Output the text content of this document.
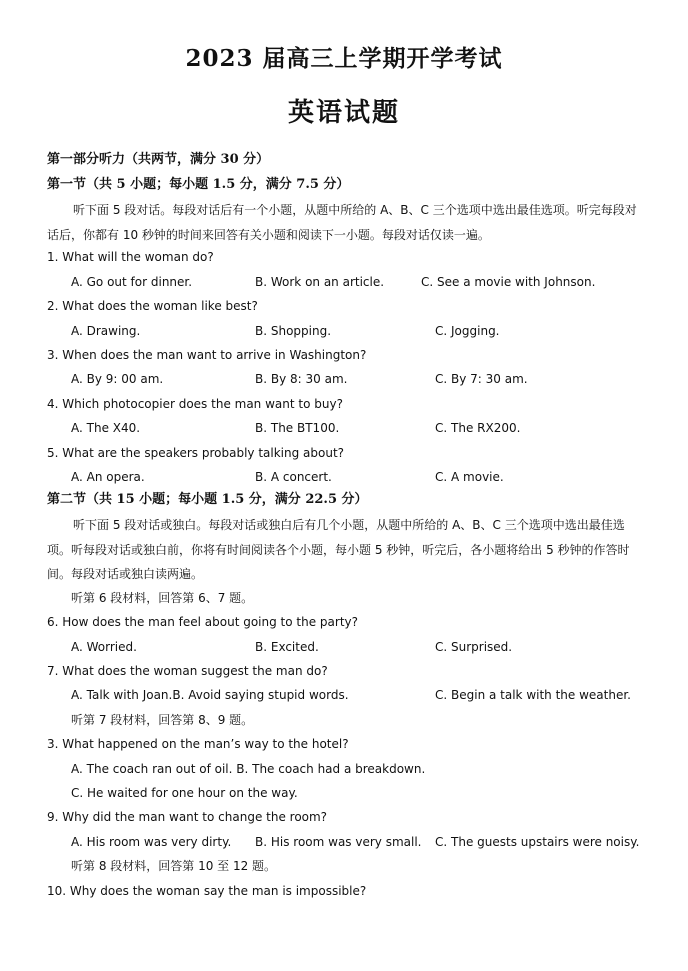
2023 届高三上学期开学考试
英语试题
第一部分听力（共两节，满分 30 分）
第一节（共 5 小题；每小题 1.5 分，满分 7.5 分）
听下面 5 段对话。每段对话后有一个小题，从题中所给的 A、B、C 三个选项中选出最佳选项。听完每段对话后，你都有 10 秒钟的时间来回答有关小题和阅读下一小题。每段对话仅读一遍。
1. What will the woman do?
A. Go out for dinner.	B. Work on an article.	C. See a movie with Johnson.
2. What does the woman like best?
A. Drawing.	B. Shopping.	C. Jogging.
3. When does the man want to arrive in Washington?
A. By 9: 00 am.	B. By 8: 30 am.	C. By 7: 30 am.
4. Which photocopier does the man want to buy?
A. The X40.	B. The BT100.	C. The RX200.
5. What are the speakers probably talking about?
A. An opera.	B. A concert.	C. A movie.
第二节（共 15 小题；每小题 1.5 分，满分 22.5 分）
听下面 5 段对话或独白。每段对话或独白后有几个小题，从题中所给的 A、B、C 三个选项中选出最佳选项。听每段对话或独白前，你将有时间阅读各个小题，每小题 5 秒钟，听完后，各小题将给出 5 秒钟的作答时间。每段对话或独白读两遍。
听第 6 段材料，回答第 6、7 题。
6. How does the man feel about going to the party?
A. Worried.	B. Excited.	C. Surprised.
7. What does the woman suggest the man do?
A. Talk with Joan.B. Avoid saying stupid words.	C. Begin a talk with the weather.
听第 7 段材料，回答第 8、9 题。
3. What happened on the man’s way to the hotel?
A. The coach ran out of oil. B. The coach had a breakdown.
C. He waited for one hour on the way.
9. Why did the man want to change the room?
A. His room was very dirty. B. His room was very small. C. The guests upstairs were noisy.
听第 8 段材料，回答第 10 至 12 题。
10. Why does the woman say the man is impossible?
